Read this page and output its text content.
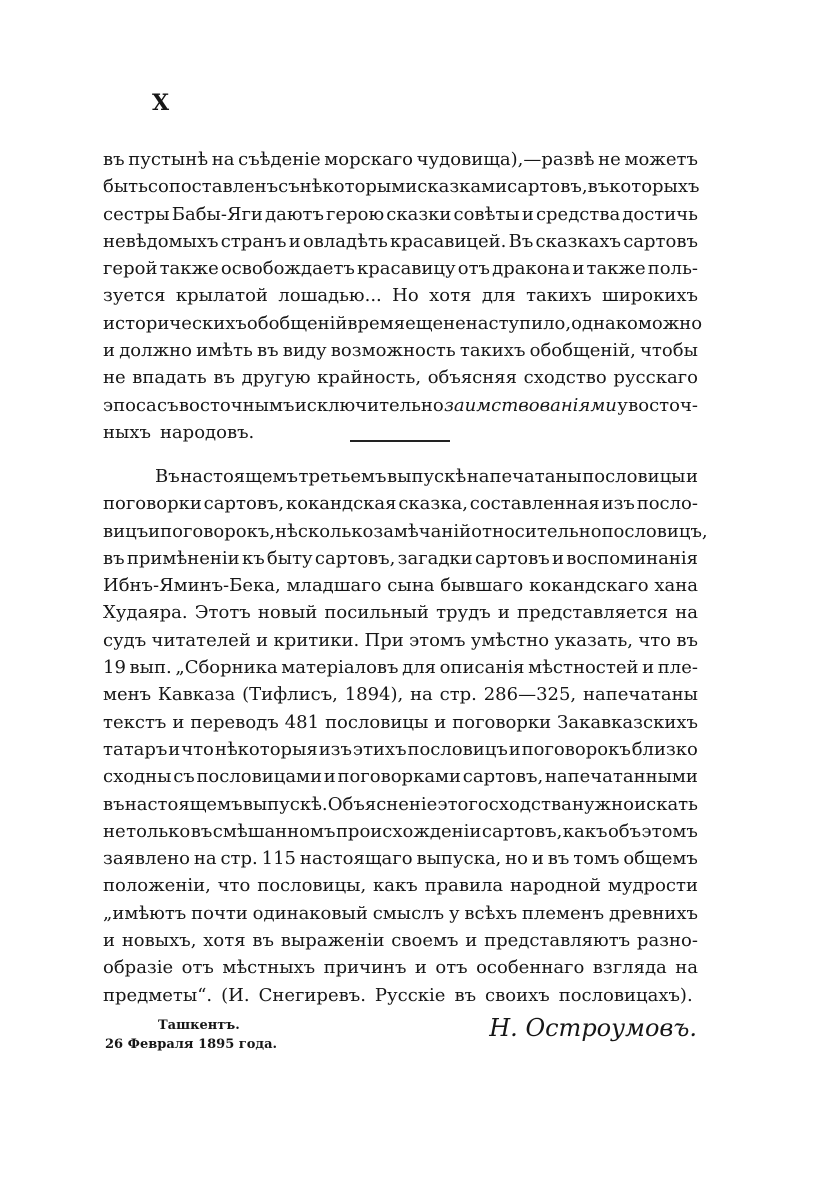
X
въ пустынѣ на съѣденіе морскаго чудовища),—развѣ не можетъ
быть сопоставленъ съ нѣкоторыми сказками сартовъ, въ которыхъ
сестры Бабы-Яги даютъ герою сказки совѣты и средства достичь
невѣдомыхъ странъ и овладѣть красавицей. Въ сказкахъ сартовъ
герой также освобождаетъ красавицу отъ дракона и также поль-
зуется крылатой лошадью... Но хотя для такихъ широкихъ
историческихъ обобщеній время еще не наступило, однако можно
и должно имѣть въ виду возможность такихъ обобщеній, чтобы
не впадать въ другую крайность, объясняя сходство русскаго
эпоса съ восточнымъ исключительно заимствованіями у восточ-
ныхъ народовъ.
Въ настоящемъ третьемъ выпускѣ напечатаны пословицы и
поговорки сартовъ, кокандская сказка, составленная изъ посло-
вицъ и поговорокъ, нѣсколько замѣчаній относительно пословицъ,
въ примѣненіи къ быту сартовъ, загадки сартовъ и воспоминанія
Ибнъ-Яминъ-Бека, младшаго сына бывшаго кокандскаго хана
Худаяра. Этотъ новый посильный трудъ и представляется на
судъ читателей и критики. При этомъ умѣстно указать, что въ
19 вып. „Сборника матеріаловъ для описанія мѣстностей и пле-
менъ Кавказа (Тифлисъ, 1894), на стр. 286—325, напечатаны
текстъ и переводъ 481 пословицы и поговорки Закавказскихъ
татаръ и что нѣкоторыя изъ этихъ пословицъ и поговорокъ близко
сходны съ пословицами и поговорками сартовъ, напечатанными
въ настоящемъ выпускѣ. Объясненіе этого сходства нужно искать
не только въ смѣшанномъ происхожденіи сартовъ, какъ объ этомъ
заявлено на стр. 115 настоящаго выпуска, но и въ томъ общемъ
положеніи, что пословицы, какъ правила народной мудрости
„имѣютъ почти одинаковый смыслъ у всѣхъ племенъ древнихъ
и новыхъ, хотя въ выраженіи своемъ и представляютъ разно-
образіе отъ мѣстныхъ причинъ и отъ особеннаго взгляда на
предметы“. (И. Снегиревъ. Русскіе въ своихъ пословицахъ).
Ташкентъ.
26 Февраля 1895 года.
Н. Остроумовъ.
